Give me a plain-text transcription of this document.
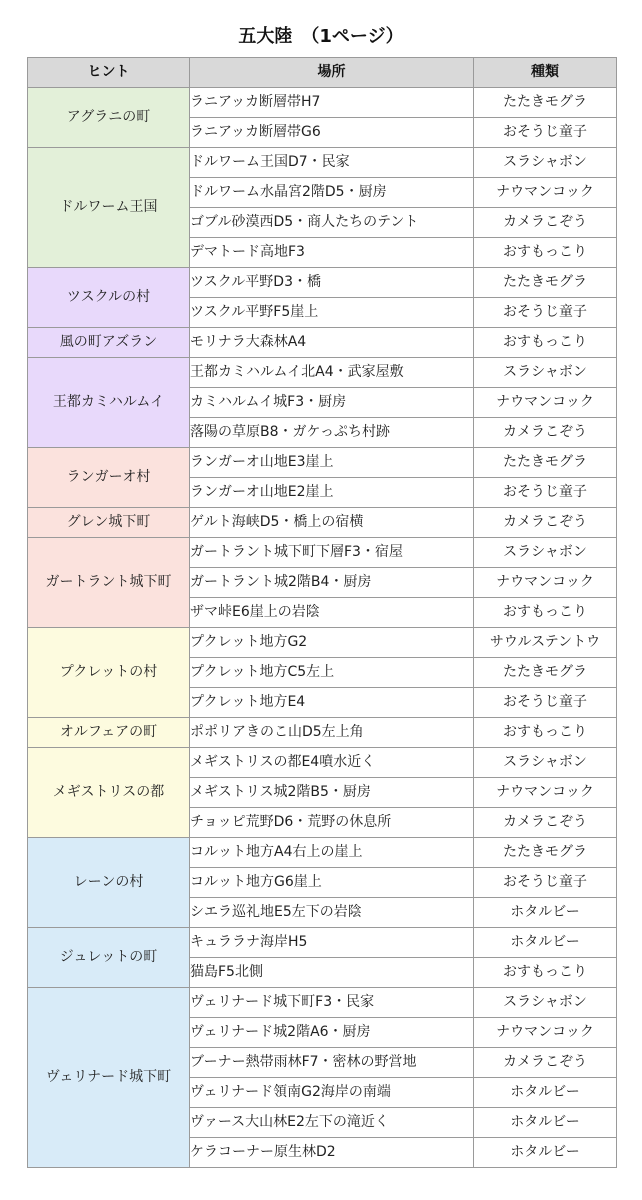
五大陸　（1ページ）
ヒント	場所	種類
アグラニの町	ラニアッカ断層帯H7	たたきモグラ
	ラニアッカ断層帯G6	おそうじ童子
ドルワーム王国	ドルワーム王国D7・民家	スラシャボン
	ドルワーム水晶宮2階D5・厨房	ナウマンコック
	ゴブル砂漠西D5・商人たちのテント	カメラこぞう
	デマトード高地F3	おすもっこり
ツスクルの村	ツスクル平野D3・橋	たたきモグラ
	ツスクル平野F5崖上	おそうじ童子
風の町アズラン	モリナラ大森林A4	おすもっこり
王都カミハルムイ	王都カミハルムイ北A4・武家屋敷	スラシャボン
	カミハルムイ城F3・厨房	ナウマンコック
	落陽の草原B8・ガケっぷち村跡	カメラこぞう
ランガーオ村	ランガーオ山地E3崖上	たたきモグラ
	ランガーオ山地E2崖上	おそうじ童子
グレン城下町	ゲルト海峡D5・橋上の宿横	カメラこぞう
ガートラント城下町	ガートラント城下町下層F3・宿屋	スラシャボン
	ガートラント城2階B4・厨房	ナウマンコック
	ザマ峠E6崖上の岩陰	おすもっこり
プクレットの村	プクレット地方G2	サウルステントウ
	プクレット地方C5左上	たたきモグラ
	プクレット地方E4	おそうじ童子
オルフェアの町	ポポリアきのこ山D5左上角	おすもっこり
メギストリスの都	メギストリスの都E4噴水近く	スラシャボン
	メギストリス城2階B5・厨房	ナウマンコック
	チョッピ荒野D6・荒野の休息所	カメラこぞう
レーンの村	コルット地方A4右上の崖上	たたきモグラ
	コルット地方G6崖上	おそうじ童子
	シエラ巡礼地E5左下の岩陰	ホタルビー
ジュレットの町	キュララナ海岸H5	ホタルビー
	猫島F5北側	おすもっこり
ヴェリナード城下町	ヴェリナード城下町F3・民家	スラシャボン
	ヴェリナード城2階A6・厨房	ナウマンコック
	ブーナー熱帯雨林F7・密林の野営地	カメラこぞう
	ヴェリナード領南G2海岸の南端	ホタルビー
	ヴァース大山林E2左下の滝近く	ホタルビー
	ケラコーナー原生林D2	ホタルビー
